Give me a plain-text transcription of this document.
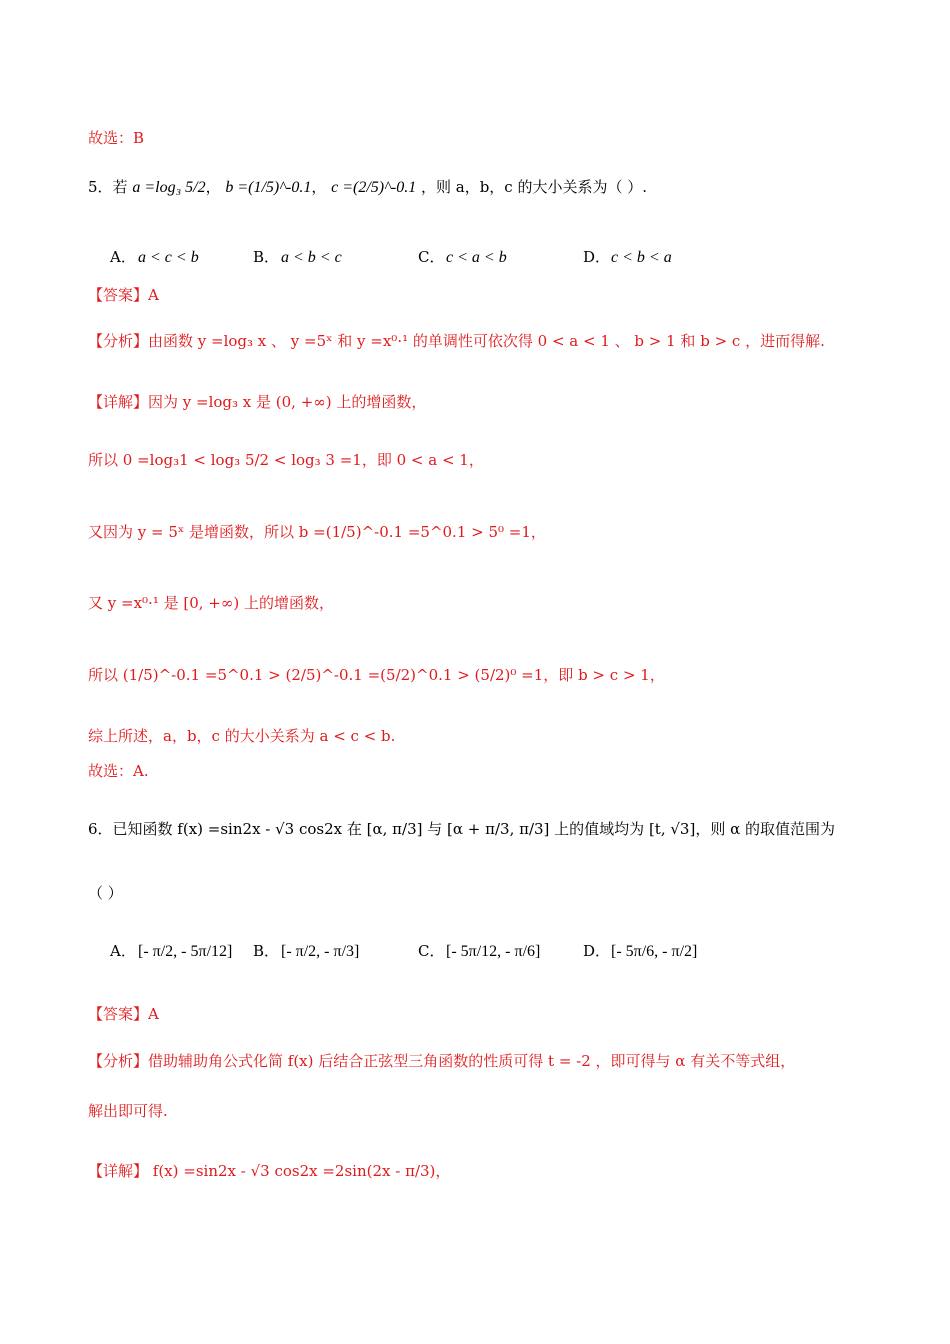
故选：B
5．若 a =log₃ 5/2， b =(1/5)^-0.1， c =(2/5)^-0.1 ，则 a，b，c 的大小关系为（ ）.
A． a < c < b	B． a < b < c	C．c < a < b	D．c < b < a
【答案】A
【分析】由函数 y =log₃ x 、 y =5ˣ 和 y =x⁰·¹ 的单调性可依次得 0 < a < 1 、 b > 1 和 b > c ，进而得解.
【详解】因为 y =log₃ x 是 (0, +∞) 上的增函数，
所以 0 =log₃1 < log₃ 5/2 < log₃ 3 =1，即 0 < a < 1，
又因为 y = 5ˣ 是增函数，所以 b =(1/5)^-0.1 =5^0.1 > 5⁰ =1，
又 y =x⁰·¹ 是 [0, +∞) 上的增函数，
所以 (1/5)^-0.1 =5^0.1 > (2/5)^-0.1 =(5/2)^0.1 > (5/2)⁰ =1，即 b > c > 1，
综上所述，a，b，c 的大小关系为 a < c < b.
故选：A.
6．已知函数 f(x) =sin2x - √3 cos2x 在 [α, π/3] 与 [α + π/3, π/3] 上的值域均为 [t, √3]，则 α 的取值范围为
（ ）
A． [- π/2, - 5π/12] B． [- π/2, - π/3]	C．[- 5π/12, - π/6]	D．[- 5π/6, - π/2]
【答案】A
【分析】借助辅助角公式化简 f(x) 后结合正弦型三角函数的性质可得 t = -2 ，即可得与 α 有关不等式组，
解出即可得.
【详解】 f(x) =sin2x - √3 cos2x =2sin(2x - π/3)，
